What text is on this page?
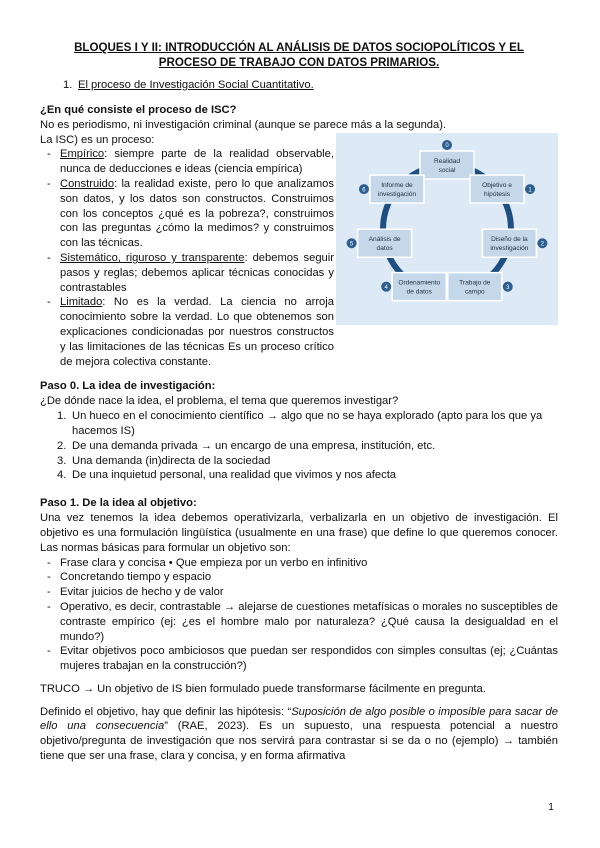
BLOQUES I Y II: INTRODUCCIÓN AL ANÁLISIS DE DATOS SOCIOPOLÍTICOS Y EL
PROCESO DE TRABAJO CON DATOS PRIMARIOS.
1. El proceso de Investigación Social Cuantitativo.
¿En qué consiste el proceso de ISC?

No es periodismo, ni investigación criminal (aunque se parece más a la segunda).

La ISC) es un proceso:

- Empírico: siempre parte de la realidad observable, nunca de deducciones e ideas (ciencia empírica)
- Construido: la realidad existe, pero lo que analizamos son datos, y los datos son constructos. Construimos con los conceptos ¿qué es la pobreza?, construimos con las preguntas ¿cómo la medimos? y construimos con las técnicas.
- Sistemático, riguroso y transparente: debemos seguir pasos y reglas; debemos aplicar técnicas conocidas y contrastables
- Limitado: No es la verdad. La ciencia no arroja conocimiento sobre la verdad. Lo que obtenemos son explicaciones condicionadas por nuestros constructos y las limitaciones de las técnicas Es un proceso crítico de mejora colectiva constante.
Realidad
social
0
Objetivo e
hipótesis
1
Diseño de la
investigación
2
Trabajo de
campo
3
Ordenamiento
de datos
4
Análisis de
datos
5
Informe de
investigación
6
Paso 0. La idea de investigación:

¿De dónde nace la idea, el problema, el tema que queremos investigar?

1. Un hueco en el conocimiento científico → algo que no se haya explorado (apto para los que ya hacemos IS)
2. De una demanda privada → un encargo de una empresa, institución, etc.
3. Una demanda (in)directa de la sociedad
4. De una inquietud personal, una realidad que vivimos y nos afecta
Paso 1. De la idea al objetivo:

Una vez tenemos la idea debemos operativizarla, verbalizarla en un objetivo de investigación. El objetivo es una formulación lingüística (usualmente en una frase) que define lo que queremos conocer. Las normas básicas para formular un objetivo son:

- Frase clara y concisa • Que empieza por un verbo en infinitivo
- Concretando tiempo y espacio
- Evitar juicios de hecho y de valor
- Operativo, es decir, contrastable → alejarse de cuestiones metafísicas o morales no susceptibles de contraste empírico (ej: ¿es el hombre malo por naturaleza? ¿Qué causa la desigualdad en el mundo?)
- Evitar objetivos poco ambiciosos que puedan ser respondidos con simples consultas (ej; ¿Cuántas mujeres trabajan en la construcción?)

TRUCO → Un objetivo de IS bien formulado puede transformarse fácilmente en pregunta.

Definido el objetivo, hay que definir las hipótesis: “Suposición de algo posible o imposible para sacar de ello una consecuencia” (RAE, 2023). Es un supuesto, una respuesta potencial a nuestro objetivo/pregunta de investigación que nos servirá para contrastar si se da o no (ejemplo) → también tiene que ser una frase, clara y concisa, y en forma afirmativa

1
